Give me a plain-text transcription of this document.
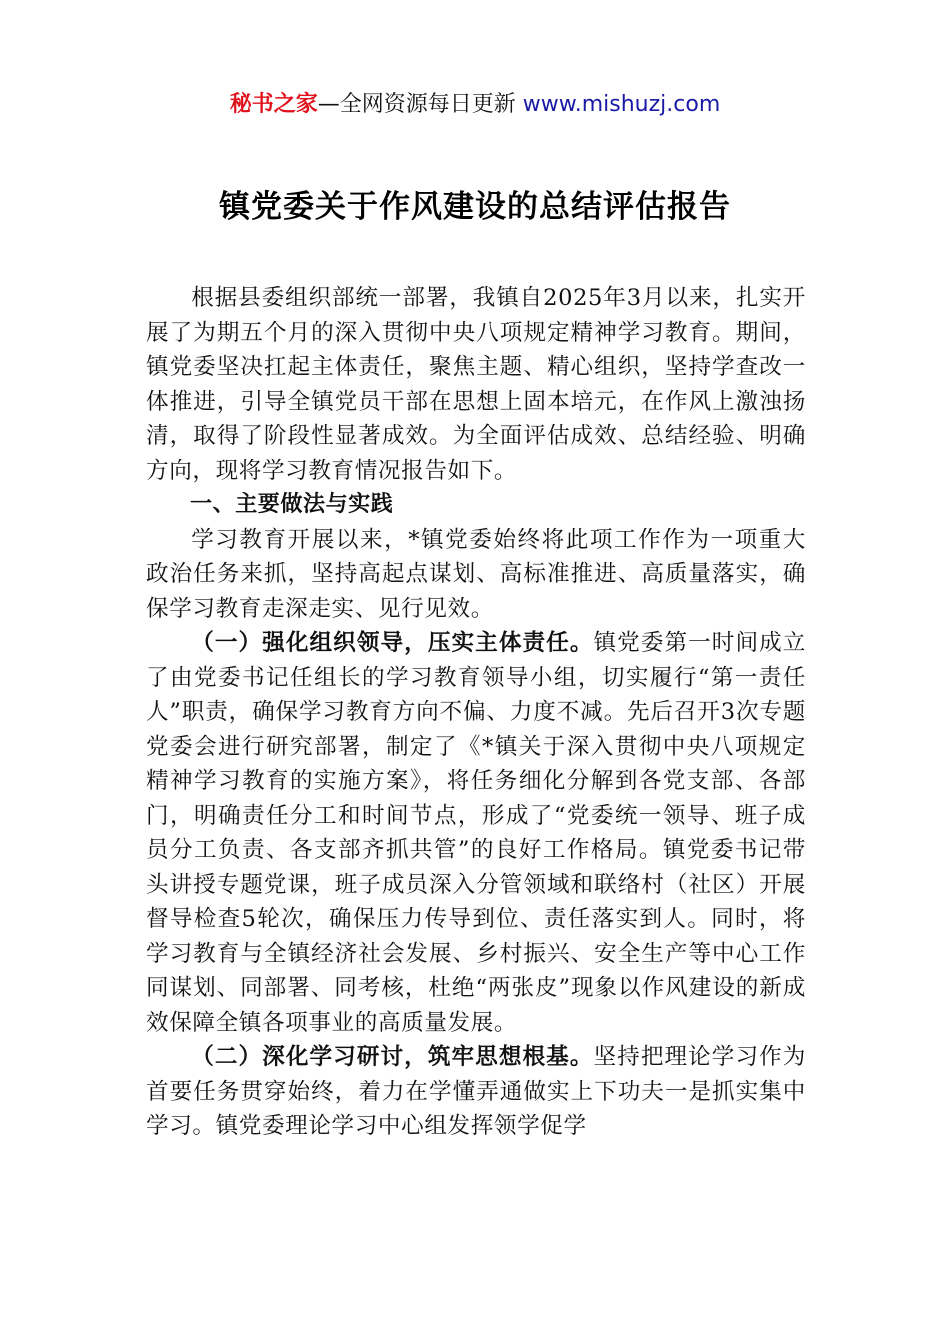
秘书之家—全网资源每日更新 www.mishuzj.com
镇党委关于作风建设的总结评估报告

根据县委组织部统一部署，我镇自2025年3月以来，扎实开展了为期五个月的深入贯彻中央八项规定精神学习教育。期间，镇党委坚决扛起主体责任，聚焦主题、精心组织，坚持学查改一体推进，引导全镇党员干部在思想上固本培元，在作风上激浊扬清，取得了阶段性显著成效。为全面评估成效、总结经验、明确方向，现将学习教育情况报告如下。

一、主要做法与实践

学习教育开展以来，*镇党委始终将此项工作作为一项重大政治任务来抓，坚持高起点谋划、高标准推进、高质量落实，确保学习教育走深走实、见行见效。

（一）强化组织领导，压实主体责任。镇党委第一时间成立了由党委书记任组长的学习教育领导小组，切实履行“第一责任人”职责，确保学习教育方向不偏、力度不减。先后召开3次专题党委会进行研究部署，制定了《*镇关于深入贯彻中央八项规定精神学习教育的实施方案》，将任务细化分解到各党支部、各部门，明确责任分工和时间节点，形成了“党委统一领导、班子成员分工负责、各支部齐抓共管”的良好工作格局。镇党委书记带头讲授专题党课，班子成员深入分管领域和联络村（社区）开展督导检查5轮次，确保压力传导到位、责任落实到人。同时，将学习教育与全镇经济社会发展、乡村振兴、安全生产等中心工作同谋划、同部署、同考核，杜绝“两张皮”现象以作风建设的新成效保障全镇各项事业的高质量发展。

（二）深化学习研讨，筑牢思想根基。坚持把理论学习作为首要任务贯穿始终，着力在学懂弄通做实上下功夫一是抓实集中学习。镇党委理论学习中心组发挥领学促学
